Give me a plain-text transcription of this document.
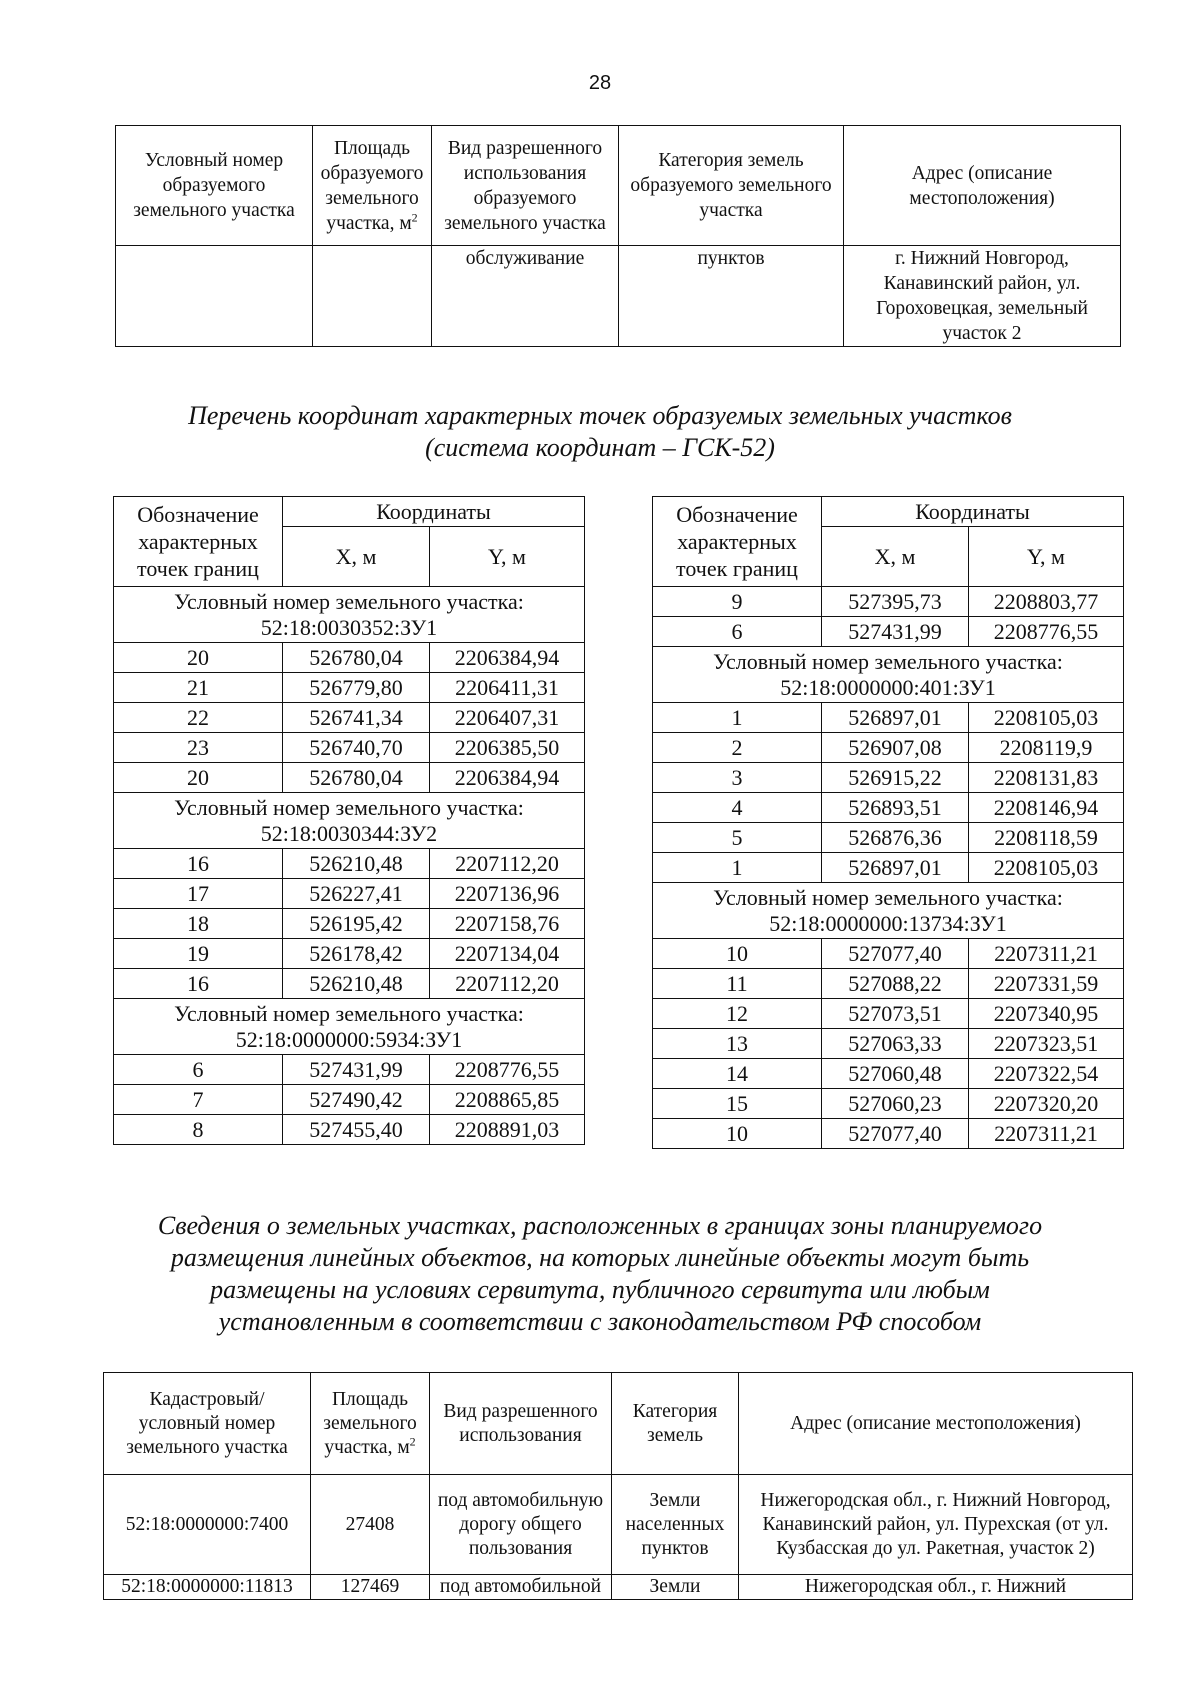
28
Условный номер образуемого земельного участка	Площадь образуемого земельного участка, $м^2$	Вид разрешенного использования образуемого земельного участка	Категория земель образуемого земельного участка	Адрес (описание местоположения)
		обслуживание	пунктов	г. Нижний Новгород, Канавинский район, ул. Гороховецкая, земельный участок 2
Перечень координат характерных точек образуемых земельных участков
(система координат – ГСК-52)
Обозначение характерных точек границ	Координаты	
	X, м	Y, м
Условный номер земельного участка: 52:18:0030352:ЗУ1		
20	526780,04	2206384,94
21	526779,80	2206411,31
22	526741,34	2206407,31
23	526740,70	2206385,50
20	526780,04	2206384,94
Условный номер земельного участка: 52:18:0030344:ЗУ2		
16	526210,48	2207112,20
17	526227,41	2207136,96
18	526195,42	2207158,76
19	526178,42	2207134,04
16	526210,48	2207112,20
Условный номер земельного участка: 52:18:0000000:5934:ЗУ1		
6	527431,99	2208776,55
7	527490,42	2208865,85
8	527455,40	2208891,03
Обозначение характерных точек границ	Координаты	
	X, м	Y, м
9	527395,73	2208803,77
6	527431,99	2208776,55
Условный номер земельного участка: 52:18:0000000:401:ЗУ1		
1	526897,01	2208105,03
2	526907,08	2208119,9
3	526915,22	2208131,83
4	526893,51	2208146,94
5	526876,36	2208118,59
1	526897,01	2208105,03
Условный номер земельного участка: 52:18:0000000:13734:ЗУ1		
10	527077,40	2207311,21
11	527088,22	2207331,59
12	527073,51	2207340,95
13	527063,33	2207323,51
14	527060,48	2207322,54
15	527060,23	2207320,20
10	527077,40	2207311,21
Сведения о земельных участках, расположенных в границах зоны планируемого
размещения линейных объектов, на которых линейные объекты могут быть
размещены на условиях сервитута, публичного сервитута или любым
установленным в соответствии с законодательством РФ способом
Кадастровый/ условный номер земельного участка	Площадь земельного участка, $м^2$	Вид разрешенного использования	Категория земель	Адрес (описание местоположения)
52:18:0000000:7400	27408	под автомобильную дорогу общего пользования	Земли населенных пунктов	Нижегородская обл., г. Нижний Новгород, Канавинский район, ул. Пурехская (от ул. Кузбасская до ул. Ракетная, участок 2)
52:18:0000000:11813	127469	под автомобильной	Земли	Нижегородская обл., г. Нижний
